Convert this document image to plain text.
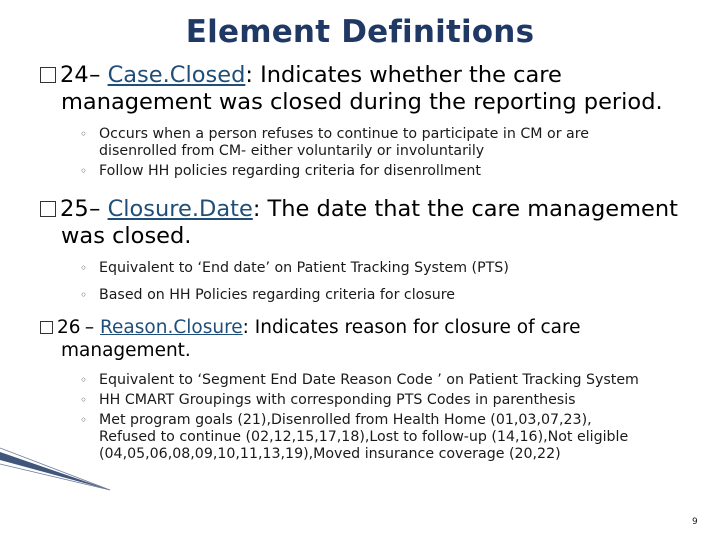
Element Definitions
24 – Case.Closed: Indicates whether the care
management was closed during the reporting period.
◦ Occurs when a person refuses to continue to participate in CM or are
disenrolled from CM- either voluntarily or involuntarily
◦ Follow HH policies regarding criteria for disenrollment
25 – Closure.Date: The date that the care management
was closed.
◦ Equivalent to ‘End date’ on Patient Tracking System (PTS)
◦ Based on HH Policies regarding criteria for closure
26 – Reason.Closure: Indicates reason for closure of care
management.
◦ Equivalent to ‘Segment End Date Reason Code ’ on Patient Tracking System
◦ HH CMART Groupings with corresponding PTS Codes in parenthesis
◦ Met program goals (21),Disenrolled from Health Home (01,03,07,23),
Refused to continue (02,12,15,17,18),Lost to follow-up (14,16),Not eligible
(04,05,06,08,09,10,11,13,19),Moved insurance coverage (20,22)
9
